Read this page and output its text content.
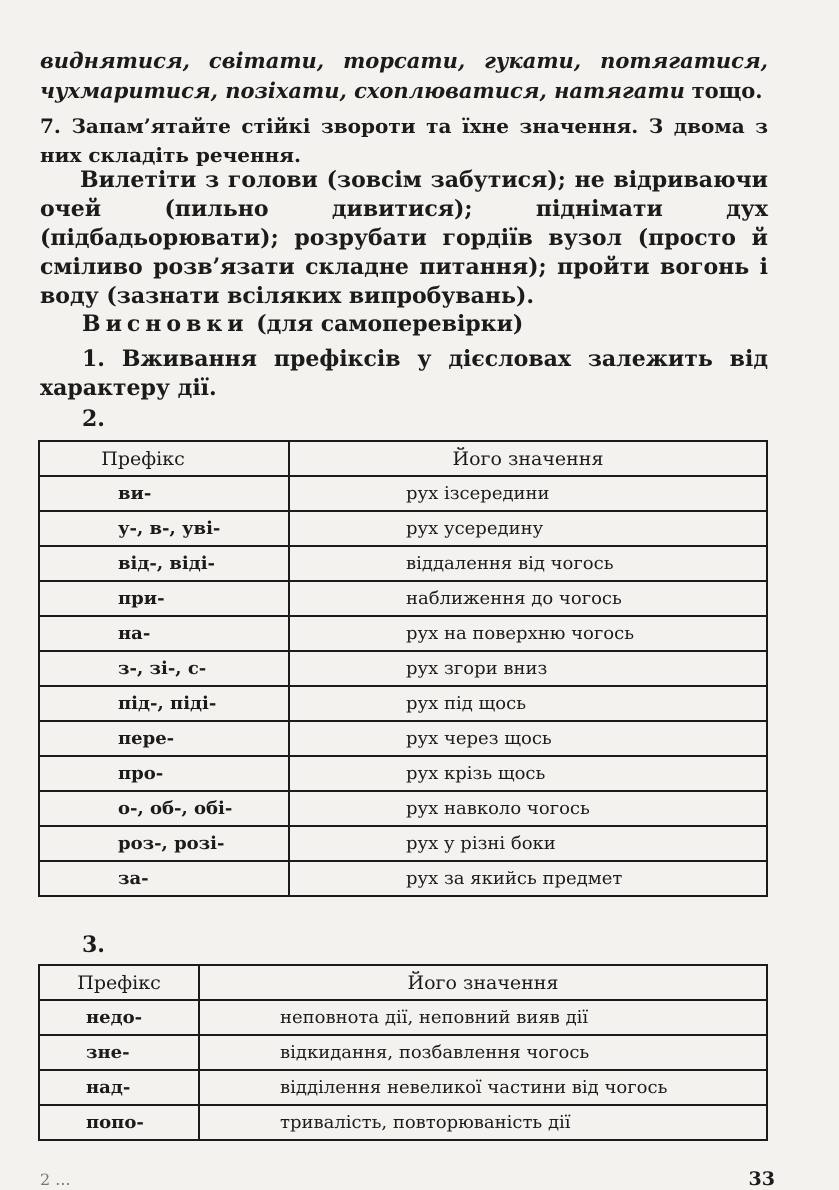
виднятися, світати, торсати, гукати, потягатися, чухмаритися, позіхати, схоплюватися, натягати тощо.

7. Запам’ятайте стійкі звороти та їхне значення. З двома з них складіть речення.

Вилетіти з голови (зовсім забутися); не відриваючи очей (пильно дивитися); піднімати дух (підбадьорювати); розрубати гордіїв вузол (просто й сміливо розв’язати складне питання); пройти вогонь і воду (зазнати всіляких випробувань).

Висновки (для самоперевірки)

1. Вживання префіксів у дієсловах залежить від характеру дії.

2.
Префікс	Його значення
ви-	рух ізсередини
у-, в-, уві-	рух усередину
від-, віді-	віддалення від чогось
при-	наближення до чогось
на-	рух на поверхню чогось
з-, зі-, с-	рух згори вниз
під-, піді-	рух під щось
пере-	рух через щось
про-	рух крізь щось
о-, об-, обі-	рух навколо чогось
роз-, розі-	рух у різні боки
за-	рух за якийсь предмет
3.
Префікс	Його значення
недо-	неповнота дії, неповний вияв дії
зне-	відкидання, позбавлення чогось
над-	відділення невеликої частини від чогось
попо-	тривалість, повторюваність дії
2 ...	33
